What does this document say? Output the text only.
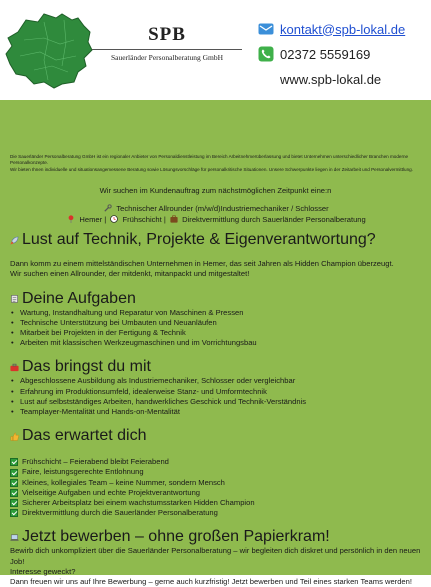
SPB
Sauerländer Personalberatung GmbH
kontakt@spb-lokal.de
02372 5559169
www.spb-lokal.de
Die Sauerländer Personalberatung GmbH ist ein regionaler Anbieter von Personaldienstleistung im Bereich Arbeitnehmerüberlassung und bietet Unternehmen unterschiedlicher Branchen moderne Personalkonzepte.
Wir bieten Ihnen individuelle und situationsangemessene Beratung sowie Lösungsvorschläge für personalkritische Situationen. Unsere Schwerpunkte liegen in der Zeitarbeit und Personalvermittlung.
Wir suchen im Kundenauftrag zum nächstmöglichen Zeitpunkt eine:n
Technischer Allrounder (m/w/d)Industriemechaniker / Schlosser
Hemer | Frühschicht | Direktvermittlung durch Sauerländer Personalberatung
Lust auf Technik, Projekte & Eigenverantwortung?

Dann komm zu einem mittelständischen Unternehmen in Hemer, das seit Jahren als Hidden Champion überzeugt.

Wir suchen einen Allrounder, der mitdenkt, mitanpackt und mitgestaltet!

Deine Aufgaben
• Wartung, Instandhaltung und Reparatur von Maschinen & Pressen
• Technische Unterstützung bei Umbauten und Neuanläufen
• Mitarbeit bei Projekten in der Fertigung & Technik
• Arbeiten mit klassischen Werkzeugmaschinen und im Vorrichtungsbau
Das bringst du mit
• Abgeschlossene Ausbildung als Industriemechaniker, Schlosser oder vergleichbar
• Erfahrung im Produktionsumfeld, idealerweise Stanz- und Umformtechnik
• Lust auf selbstständiges Arbeiten, handwerkliches Geschick und Technik-Verständnis
• Teamplayer-Mentalität und Hands-on-Mentalität
Das erwartet dich
Frühschicht – Feierabend bleibt Feierabend
Faire, leistungsgerechte Entlohnung
Kleines, kollegiales Team – keine Nummer, sondern Mensch
Vielseitige Aufgaben und echte Projektverantwortung
Sicherer Arbeitsplatz bei einem wachstumsstarken Hidden Champion
Direktvermittlung durch die Sauerländer Personalberatung
Jetzt bewerben – ohne großen Papierkram!

Bewirb dich unkompliziert über die Sauerländer Personalberatung – wir begleiten dich diskret und persönlich in den neuen Job!

Interesse geweckt?

Dann freuen wir uns auf Ihre Bewerbung – gerne auch kurzfristig! Jetzt bewerben und Teil eines starken Teams werden!
